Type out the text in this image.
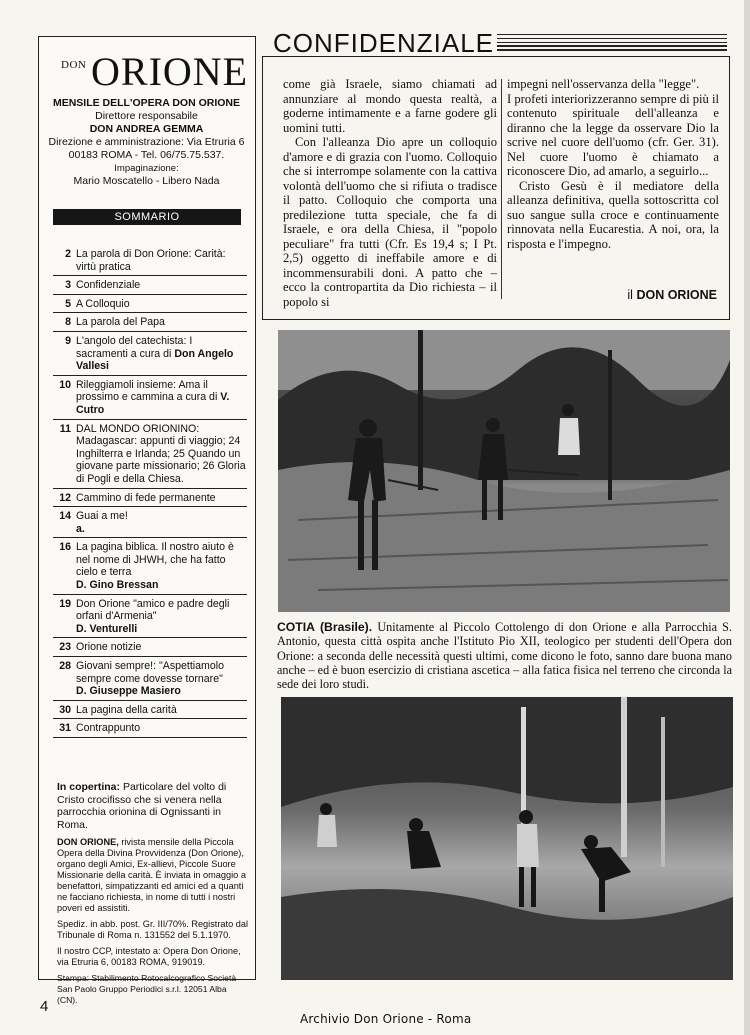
DON ORIONE
MENSILE DELL'OPERA DON ORIONE
Direttore responsabile
DON ANDREA GEMMA
Direzione e amministrazione: Via Etruria 6
00183 ROMA - Tel. 06/75.75.537.
Impaginazione:
Mario Moscatello - Libero Nada
SOMMARIO
2 La parola di Don Orione: Carità: virtù pratica
3 Confidenziale
5 A Colloquio
8 La parola del Papa
9 L'angolo del catechista: I sacramenti a cura di Don Angelo Vallesi
10 Rileggiamoli insieme: Ama il prossimo e cammina a cura di V. Cutro
11 DAL MONDO ORIONINO: Madagascar: appunti di viaggio; 24 Inghilterra e Irlanda; 25 Quando un giovane parte missionario; 26 Gloria di Pogli e della Chiesa.
12 Cammino di fede permanente
14 Guai a me!
a.
16 La pagina biblica. Il nostro aiuto è nel nome di JHWH, che ha fatto cielo e terra
D. Gino Bressan
19 Don Orione "amico e padre degli orfani d'Armenia"
D. Venturelli
23 Orione notizie
28 Giovani sempre!: "Aspettiamolo sempre come dovesse tornare"
D. Giuseppe Masiero
30 La pagina della carità
31 Contrappunto
In copertina: Particolare del volto di Cristo crocifisso che si venera nella parrocchia orionina di Ognissanti in Roma.

DON ORIONE, rivista mensile della Piccola Opera della Divina Provvidenza (Don Orione), organo degli Amici, Ex-allievi, Piccole Suore Missionarie della carità. È inviata in omaggio a benefattori, simpatizzanti ed amici ed a quanti ne facciano richiesta, in nome di tutti i nostri poveri ed assistiti.

Spediz. in abb. post. Gr. III/70%. Registrato dal Tribunale di Roma n. 131552 del 5.1.1970.

Il nostro CCP, intestato a: Opera Don Orione, via Etruria 6, 00183 ROMA, 919019.

Stampa: Stabilimento Rotocalcografico Società San Paolo Gruppo Periodici s.r.l. 12051 Alba (CN).

CONFIDENZIALE

come già Israele, siamo chiamati ad annunziare al mondo questa realtà, a goderne intimamente e a farne godere gli uomini tutti.

Con l'alleanza Dio apre un colloquio d'amore e di grazia con l'uomo. Colloquio che si interrompe solamente con la cattiva volontà dell'uomo che si rifiuta o tradisce il patto. Colloquio che comporta una predilezione tutta speciale, che fa di Israele, e ora della Chiesa, il "popolo peculiare" fra tutti (Cfr. Es 19,4 s; I Pt. 2,5) oggetto di ineffabile amore e di incommensurabili doni. A patto che – ecco la contropartita da Dio richiesta – il popolo si

impegni nell'osservanza della "legge".

I profeti interiorizzeranno sempre di più il contenuto spirituale dell'alleanza e diranno che la legge da osservare Dio la scrive nel cuore dell'uomo (cfr. Ger. 31). Nel cuore l'uomo è chiamato a riconoscere Dio, ad amarlo, a seguirlo...

Cristo Gesù è il mediatore della alleanza definitiva, quella sottoscritta col suo sangue sulla croce e continuamente rinnovata nella Eucarestia. A noi, ora, la risposta e l'impegno.

il DON ORIONE
COTIA (Brasile). Unitamente al Piccolo Cottolengo di don Orione e alla Parrocchia S. Antonio, questa città ospita anche l'Istituto Pio XII, teologico per studenti dell'Opera don Orione: a seconda delle necessità questi ultimi, come dicono le foto, sanno dare buona mano anche – ed è buon esercizio di cristiana ascetica – alla fatica fisica nel terreno che circonda la sede dei loro studi.
4
Archivio Don Orione - Roma
